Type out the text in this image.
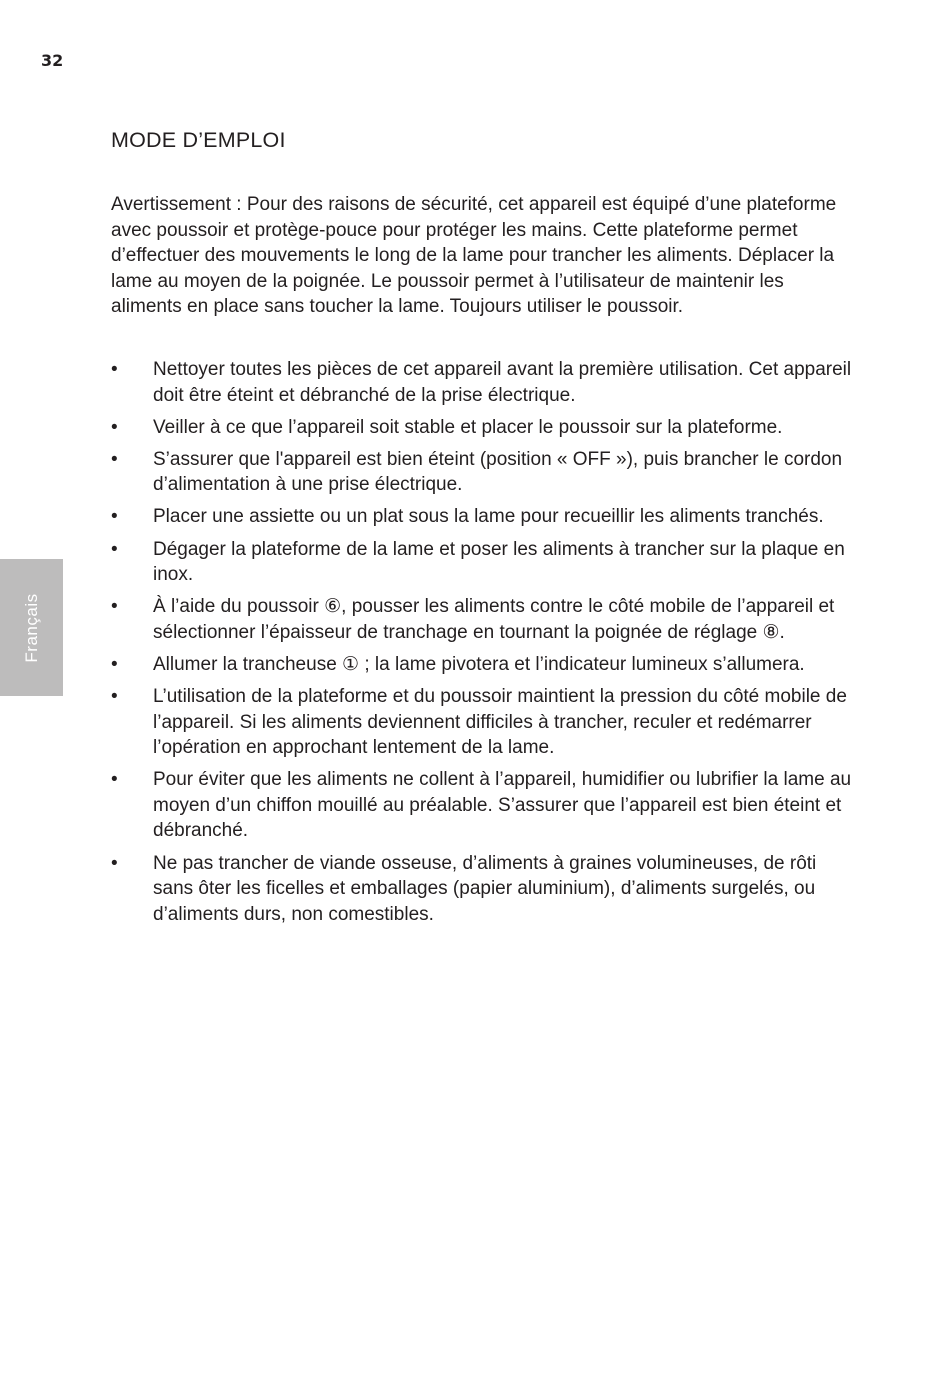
32
Français
MODE D’EMPLOI

Avertissement : Pour des raisons de sécurité, cet appareil est équipé d’une plateforme avec poussoir et protège-pouce pour protéger les mains. Cette plateforme permet d’effectuer des mouvements le long de la lame pour trancher les aliments. Déplacer la lame au moyen de la poignée. Le poussoir permet à l’utilisateur de maintenir les aliments en place sans toucher la lame. Toujours utiliser le poussoir.

• Nettoyer toutes les pièces de cet appareil avant la première utilisation. Cet appareil doit être éteint et débranché de la prise électrique.
• Veiller à ce que l’appareil soit stable et placer le poussoir sur la plateforme.
• S’assurer que l'appareil est bien éteint (position « OFF »), puis brancher le cordon d’alimentation à une prise électrique.
• Placer une assiette ou un plat sous la lame pour recueillir les aliments tranchés.
• Dégager la plateforme de la lame et poser les aliments à trancher sur la plaque en inox.
• À l’aide du poussoir ⑥, pousser les aliments contre le côté mobile de l’appareil et sélectionner l’épaisseur de tranchage en tournant la poignée de réglage ⑧.
• Allumer la trancheuse ① ; la lame pivotera et l’indicateur lumineux s’allumera.
• L’utilisation de la plateforme et du poussoir maintient la pression du côté mobile de l’appareil. Si les aliments deviennent difficiles à trancher, reculer et redémarrer l’opération en approchant lentement de la lame.
• Pour éviter que les aliments ne collent à l’appareil, humidifier ou lubrifier la lame au moyen d’un chiffon mouillé au préalable. S’assurer que l’appareil est bien éteint et débranché.
• Ne pas trancher de viande osseuse, d’aliments à graines volumineuses, de rôti sans ôter les ficelles et emballages (papier aluminium), d’aliments surgelés, ou d’aliments durs, non comestibles.
